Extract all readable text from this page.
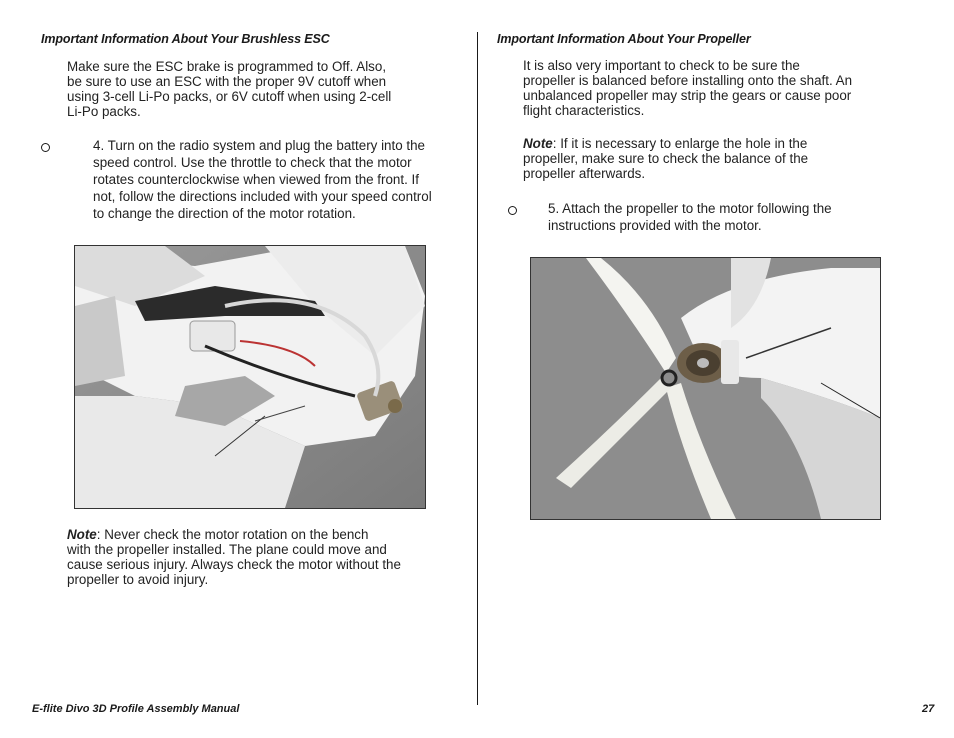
Important Information About Your Brushless ESC
Make sure the ESC brake is programmed to Off. Also,
be sure to use an ESC with the proper 9V cutoff when
using 3-cell Li-Po packs, or 6V cutoff when using 2-cell
Li-Po packs.
4. Turn on the radio system and plug the battery into the
speed control. Use the throttle to check that the motor
rotates counterclockwise when viewed from the front. If
not, follow the directions included with your speed control
to change the direction of the motor rotation.
Note: Never check the motor rotation on the bench
with the propeller installed. The plane could move and
cause serious injury. Always check the motor without the
propeller to avoid injury.
Important Information About Your Propeller
It is also very important to check to be sure the
propeller is balanced before installing onto the shaft. An
unbalanced propeller may strip the gears or cause poor
flight characteristics.
Note: If it is necessary to enlarge the hole in the
propeller, make sure to check the balance of the
propeller afterwards.
5. Attach the propeller to the motor following the
instructions provided with the motor.
E-flite Divo 3D Profile Assembly Manual	27
